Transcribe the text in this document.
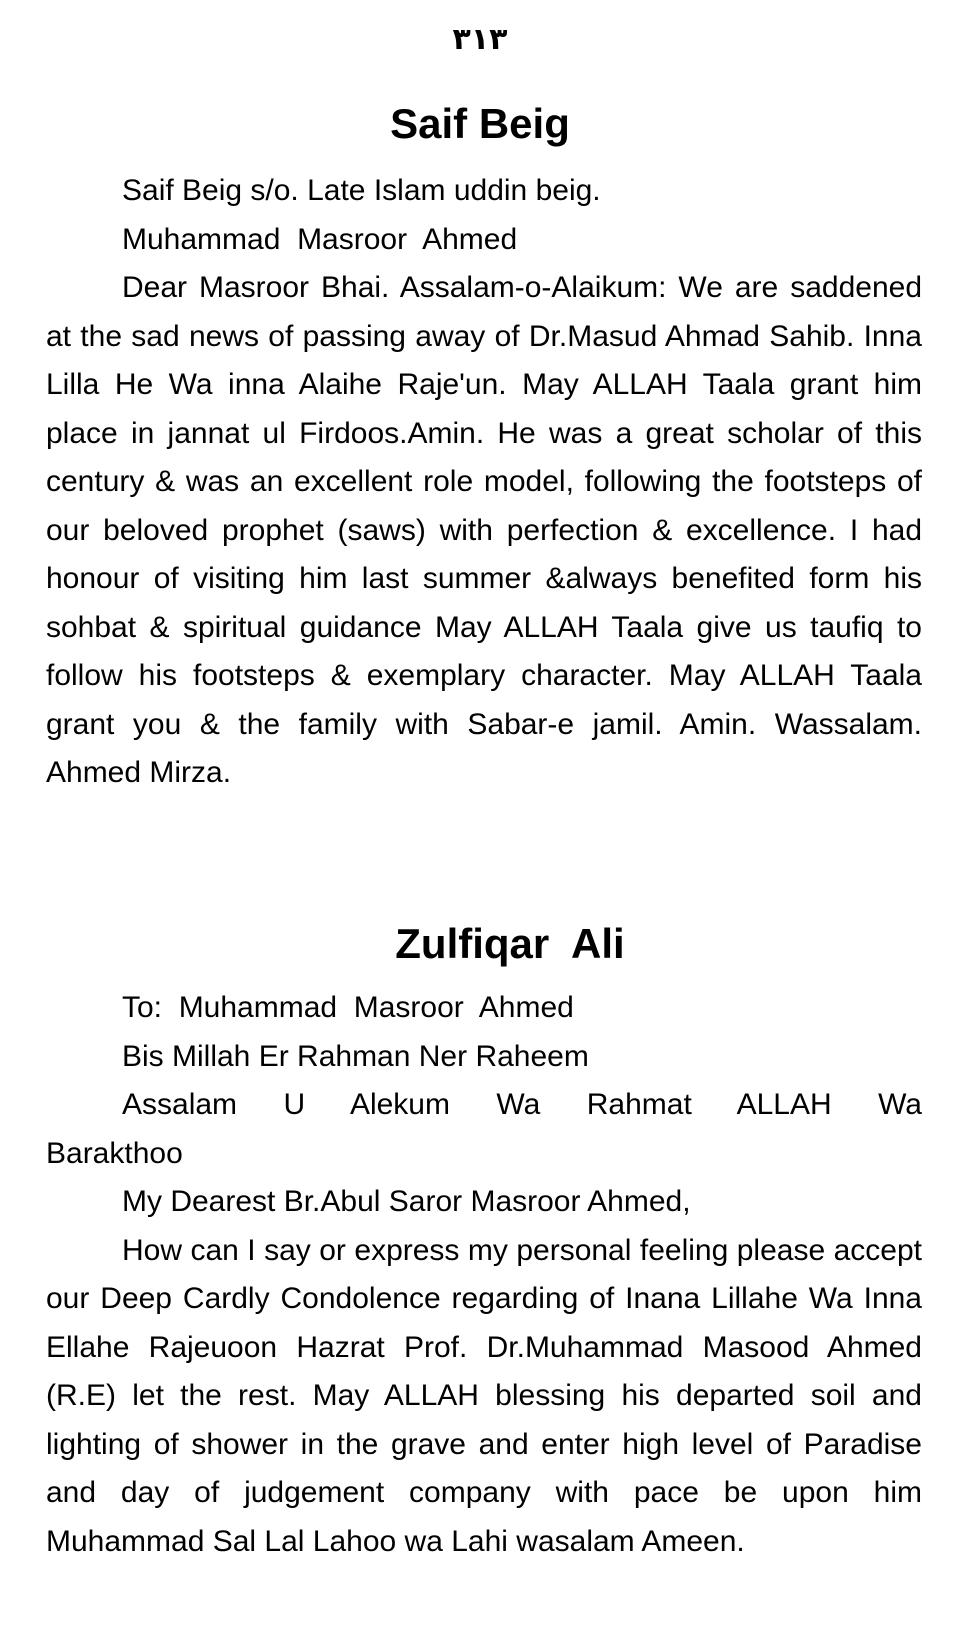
۳۱۳
Saif Beig

Saif Beig s/o. Late Islam uddin beig.

Muhammad  Masroor  Ahmed

Dear Masroor Bhai. Assalam-o-Alaikum: We are saddened at the sad news of passing away of Dr.Masud Ahmad Sahib. Inna Lilla He Wa inna Alaihe Raje'un. May ALLAH Taala grant him place in jannat ul Firdoos.Amin. He was a great scholar of this century & was an excellent role model, following the footsteps of our beloved prophet (saws) with perfection & excellence. I had honour of visiting him last summer &always benefited form his sohbat & spiritual guidance May ALLAH Taala give us taufiq to follow his footsteps & exemplary character. May ALLAH Taala grant you & the family with Sabar-e jamil. Amin. Wassalam. Ahmed Mirza.

Zulfiqar  Ali

To:  Muhammad  Masroor  Ahmed

Bis Millah Er Rahman Ner Raheem

Assalam U Alekum Wa Rahmat ALLAH Wa Barakthoo

My Dearest Br.Abul Saror Masroor Ahmed,

How can I say or express my personal feeling please accept our Deep Cardly Condolence regarding of Inana Lillahe Wa Inna Ellahe Rajeuoon Hazrat Prof. Dr.Muhammad Masood Ahmed (R.E) let the rest. May ALLAH blessing his departed soil and lighting of shower in the grave and enter high level of Paradise and day of judgement company with pace be upon him Muhammad Sal Lal Lahoo wa Lahi wasalam Ameen.
